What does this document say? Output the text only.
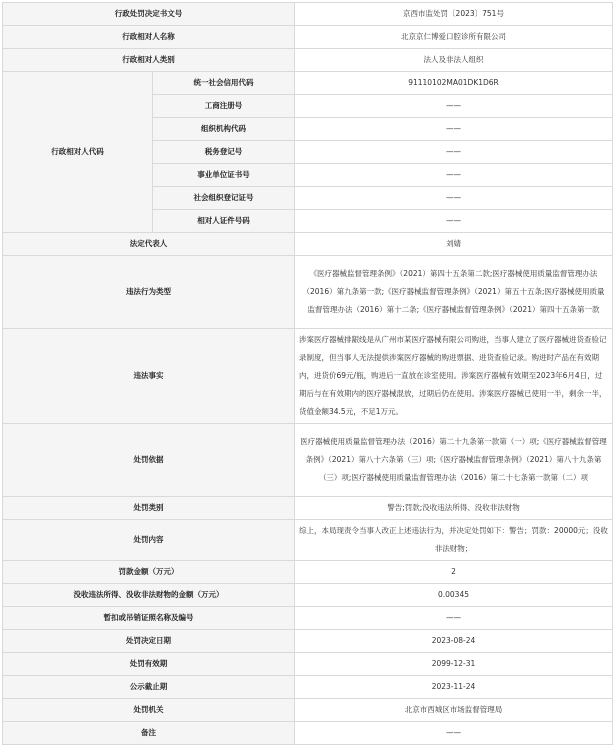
行政处罚决定书文号		京西市监处罚〔2023〕751号
行政相对人名称		北京京仁博爱口腔诊所有限公司
行政相对人类别		法人及非法人组织
行政相对人代码	统一社会信用代码	91110102MA01DK1D6R
	工商注册号	——
	组织机构代码	——
	税务登记号	——
	事业单位证书号	——
	社会组织登记证号	——
	相对人证件号码	——
法定代表人		刘婧
违法行为类型		《医疗器械监督管理条例》（2021）第四十五条第二款;医疗器械使用质量监督管理办法（2016）第九条第一款;《医疗器械监督管理条例》（2021）第五十五条;医疗器械使用质量监督管理办法（2016）第十二条;《医疗器械监督管理条例》（2021）第四十五条第一款
违法事实		涉案医疗器械排龈线是从广州市某医疗器械有限公司购进，当事人建立了医疗器械进货查验记录制度，但当事人无法提供涉案医疗器械的购进票据、进货查验记录。购进时产品在有效期内，进货价69元/瓶，购进后一直放在诊室使用。涉案医疗器械有效期至2023年6月4日，过期后与在有效期内的医疗器械混放，过期后仍在使用。涉案医疗器械已使用一半，剩余一半，货值金额34.5元，不足1万元。
处罚依据		医疗器械使用质量监督管理办法（2016）第二十九条第一款第（一）项;《医疗器械监督管理条例》（2021）第八十六条第（三）项;《医疗器械监督管理条例》（2021）第八十九条第（三）项;医疗器械使用质量监督管理办法（2016）第二十七条第一款第（二）项
处罚类别		警告;罚款;没收违法所得、没收非法财物
处罚内容		综上，本局现责令当事人改正上述违法行为，并决定处罚如下：警告；罚款：20000元；没收非法财物；
罚款金额（万元）		2
没收违法所得、没收非法财物的金额（万元）		0.00345
暂扣或吊销证照名称及编号		——
处罚决定日期		2023-08-24
处罚有效期		2099-12-31
公示截止期		2023-11-24
处罚机关		北京市西城区市场监督管理局
备注		——
